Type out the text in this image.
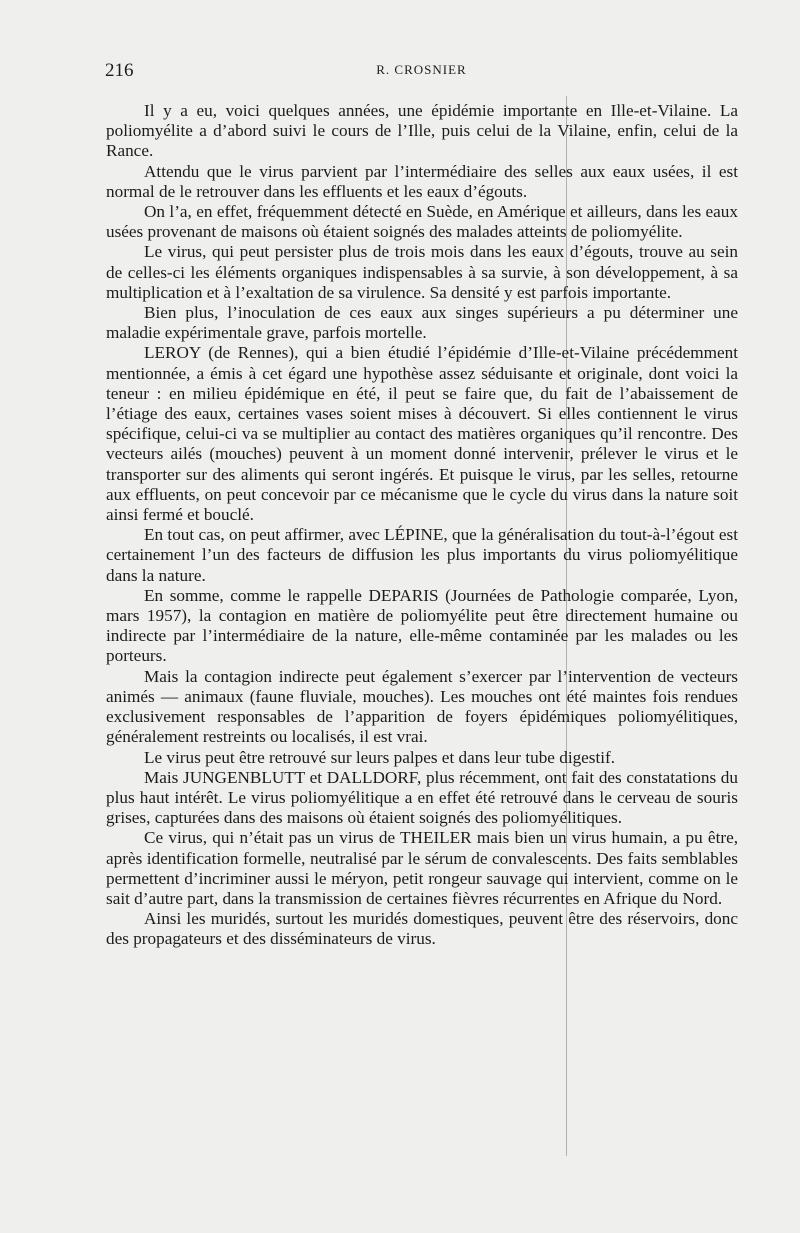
216	R. CROSNIER

Il y a eu, voici quelques années, une épidémie importante en Ille-et-Vilaine. La poliomyélite a d’abord suivi le cours de l’Ille, puis celui de la Vilaine, enfin, celui de la Rance.

Attendu que le virus parvient par l’intermédiaire des selles aux eaux usées, il est normal de le retrouver dans les effluents et les eaux d’égouts.

On l’a, en effet, fréquemment détecté en Suède, en Amérique et ailleurs, dans les eaux usées provenant de maisons où étaient soignés des malades atteints de poliomyélite.

Le virus, qui peut persister plus de trois mois dans les eaux d’égouts, trouve au sein de celles-ci les éléments organiques indispensables à sa survie, à son développement, à sa multiplication et à l’exaltation de sa virulence. Sa densité y est parfois importante.

Bien plus, l’inoculation de ces eaux aux singes supérieurs a pu déterminer une maladie expérimentale grave, parfois mortelle.

LEROY (de Rennes), qui a bien étudié l’épidémie d’Ille-et-Vilaine précédemment mentionnée, a émis à cet égard une hypothèse assez séduisante et originale, dont voici la teneur : en milieu épidémique en été, il peut se faire que, du fait de l’abaissement de l’étiage des eaux, certaines vases soient mises à découvert. Si elles contiennent le virus spécifique, celui-ci va se multiplier au contact des matières organiques qu’il rencontre. Des vecteurs ailés (mouches) peuvent à un moment donné intervenir, prélever le virus et le transporter sur des aliments qui seront ingérés. Et puisque le virus, par les selles, retourne aux effluents, on peut concevoir par ce mécanisme que le cycle du virus dans la nature soit ainsi fermé et bouclé.

En tout cas, on peut affirmer, avec LÉPINE, que la généralisation du tout-à-l’égout est certainement l’un des facteurs de diffusion les plus importants du virus poliomyélitique dans la nature.

En somme, comme le rappelle DEPARIS (Journées de Pathologie comparée, Lyon, mars 1957), la contagion en matière de poliomyélite peut être directement humaine ou indirecte par l’intermédiaire de la nature, elle-même contaminée par les malades ou les porteurs.

Mais la contagion indirecte peut également s’exercer par l’intervention de vecteurs animés — animaux (faune fluviale, mouches). Les mouches ont été maintes fois rendues exclusivement responsables de l’apparition de foyers épidémiques poliomyélitiques, généralement restreints ou localisés, il est vrai.

Le virus peut être retrouvé sur leurs palpes et dans leur tube digestif.

Mais JUNGENBLUTT et DALLDORF, plus récemment, ont fait des constatations du plus haut intérêt. Le virus poliomyélitique a en effet été retrouvé dans le cerveau de souris grises, capturées dans des maisons où étaient soignés des poliomyélitiques.

Ce virus, qui n’était pas un virus de THEILER mais bien un virus humain, a pu être, après identification formelle, neutralisé par le sérum de convalescents. Des faits semblables permettent d’incriminer aussi le méryon, petit rongeur sauvage qui intervient, comme on le sait d’autre part, dans la transmission de certaines fièvres récurrentes en Afrique du Nord.

Ainsi les muridés, surtout les muridés domestiques, peuvent être des réservoirs, donc des propagateurs et des disséminateurs de virus.
